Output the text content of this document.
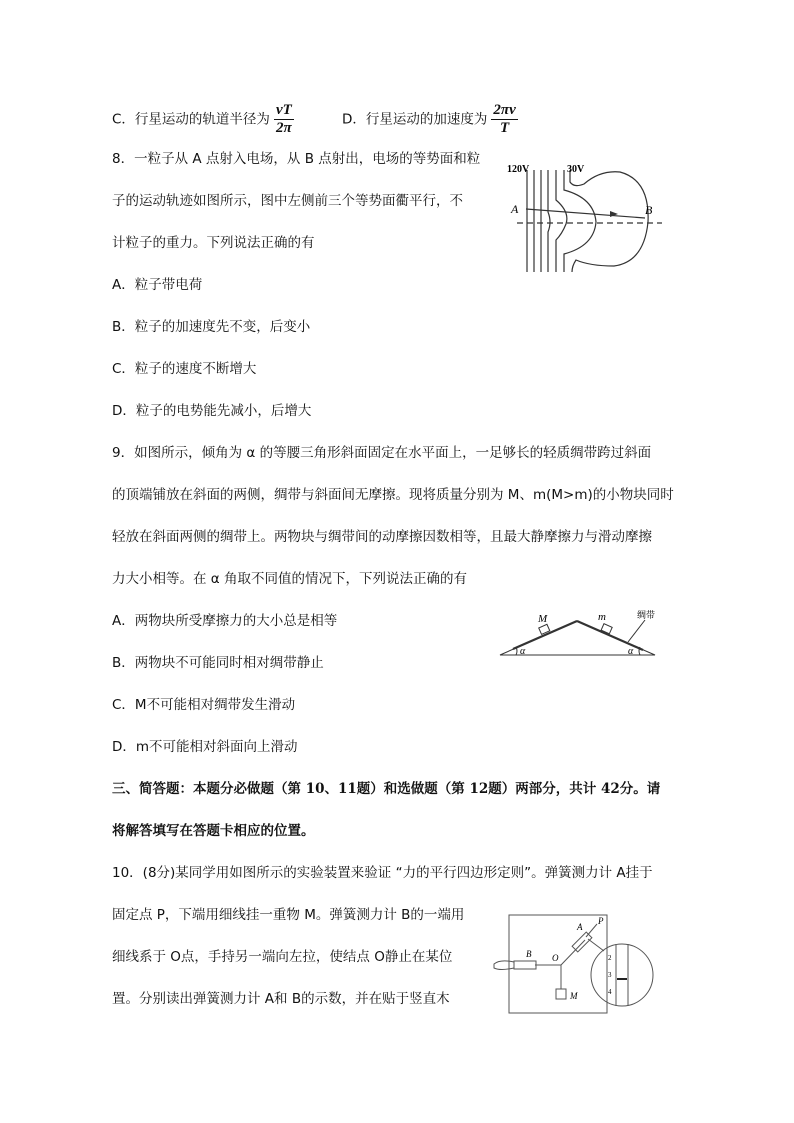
C．行星运动的轨道半径为 $\frac{vT}{2\pi}$	D．行星运动的加速度为 $\frac{2\pi v}{T}$
8．一粒子从 A 点射入电场，从 B 点射出，电场的等势面和粒
子的运动轨迹如图所示，图中左侧前三个等势面衢平行，不
计粒子的重力。下列说法正确的有
A．粒子带电荷
B．粒子的加速度先不变，后变小
C．粒子的速度不断增大
D．粒子的电势能先减小，后增大
120V	30V
A	B
9．如图所示，倾角为 α 的等腰三角形斜面固定在水平面上，一足够长的轻质绸带跨过斜面
的顶端铺放在斜面的两侧，绸带与斜面间无摩擦。现将质量分别为 M、m(M>m)的小物块同时
轻放在斜面两侧的绸带上。两物块与绸带间的动摩擦因数相等，且最大静摩擦力与滑动摩擦
力大小相等。在 α 角取不同值的情况下，下列说法正确的有
A．两物块所受摩擦力的大小总是相等
B．两物块不可能同时相对绸带静止
C．M不可能相对绸带发生滑动
D．m不可能相对斜面向上滑动
M	m	绸带
α	α
三、简答题：本题分必做题（第 10、11题）和选做题（第 12题）两部分，共计 42分。请
将解答填写在答题卡相应的位置。
10．(8分)某同学用如图所示的实验装置来验证 “力的平行四边形定则”。弹簧测力计 A挂于
固定点 P，下端用细线挂一重物 M。弹簧测力计 B的一端用
细线系于 O点，手持另一端向左拉，使结点 O静止在某位
置。分别读出弹簧测力计 A和 B的示数，并在贴于竖直木
B O
A
P
M
2
3
4
